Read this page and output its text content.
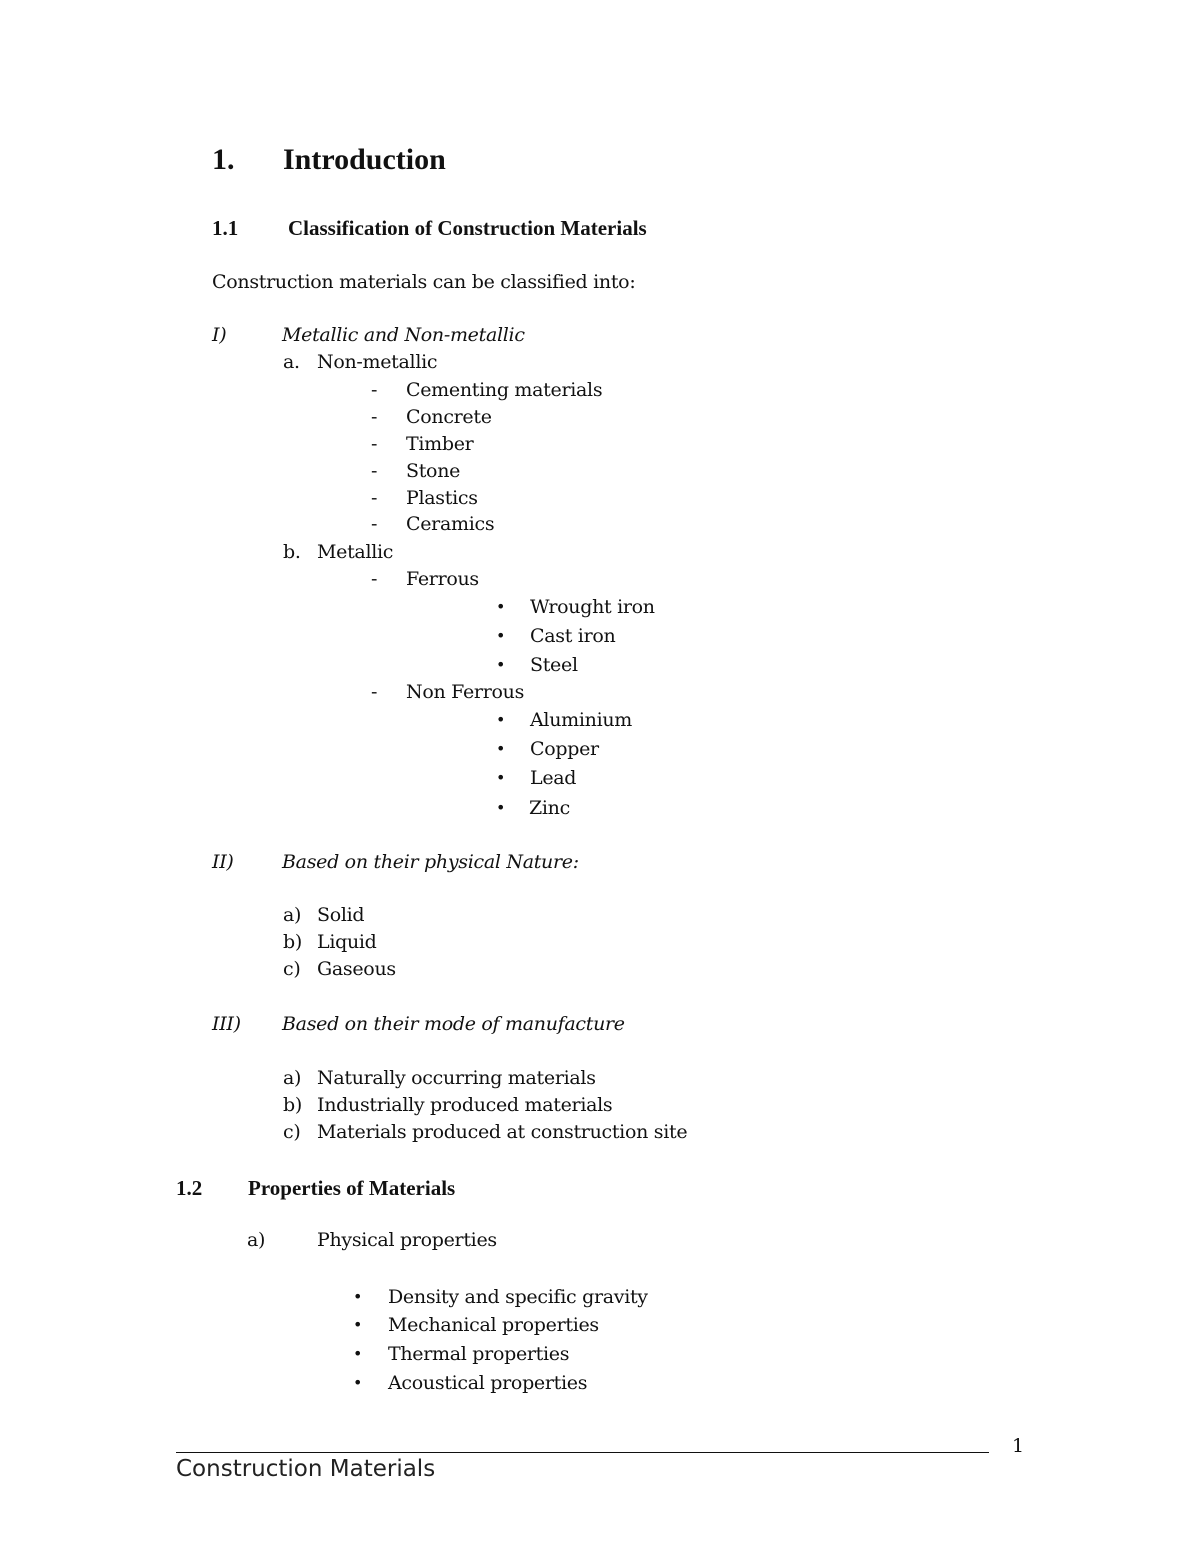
1. Introduction
1.1 Classification of Construction Materials
Construction materials can be classified into:
I)	Metallic and Non-metallic
a. Non-metallic
- Cementing materials
- Concrete
- Timber
- Stone
- Plastics
- Ceramics
b. Metallic
- Ferrous
• Wrought iron
• Cast iron
• Steel
- Non Ferrous
• Aluminium
• Copper
• Lead
• Zinc
II)	Based on their physical Nature:
a) Solid
b) Liquid
c) Gaseous
III) Based on their mode of manufacture
a) Naturally occurring materials
b) Industrially produced materials
c) Materials produced at construction site
1.2 Properties of Materials
a)	Physical properties
• Density and specific gravity
• Mechanical properties
• Thermal properties
• Acoustical properties
1
Construction Materials
